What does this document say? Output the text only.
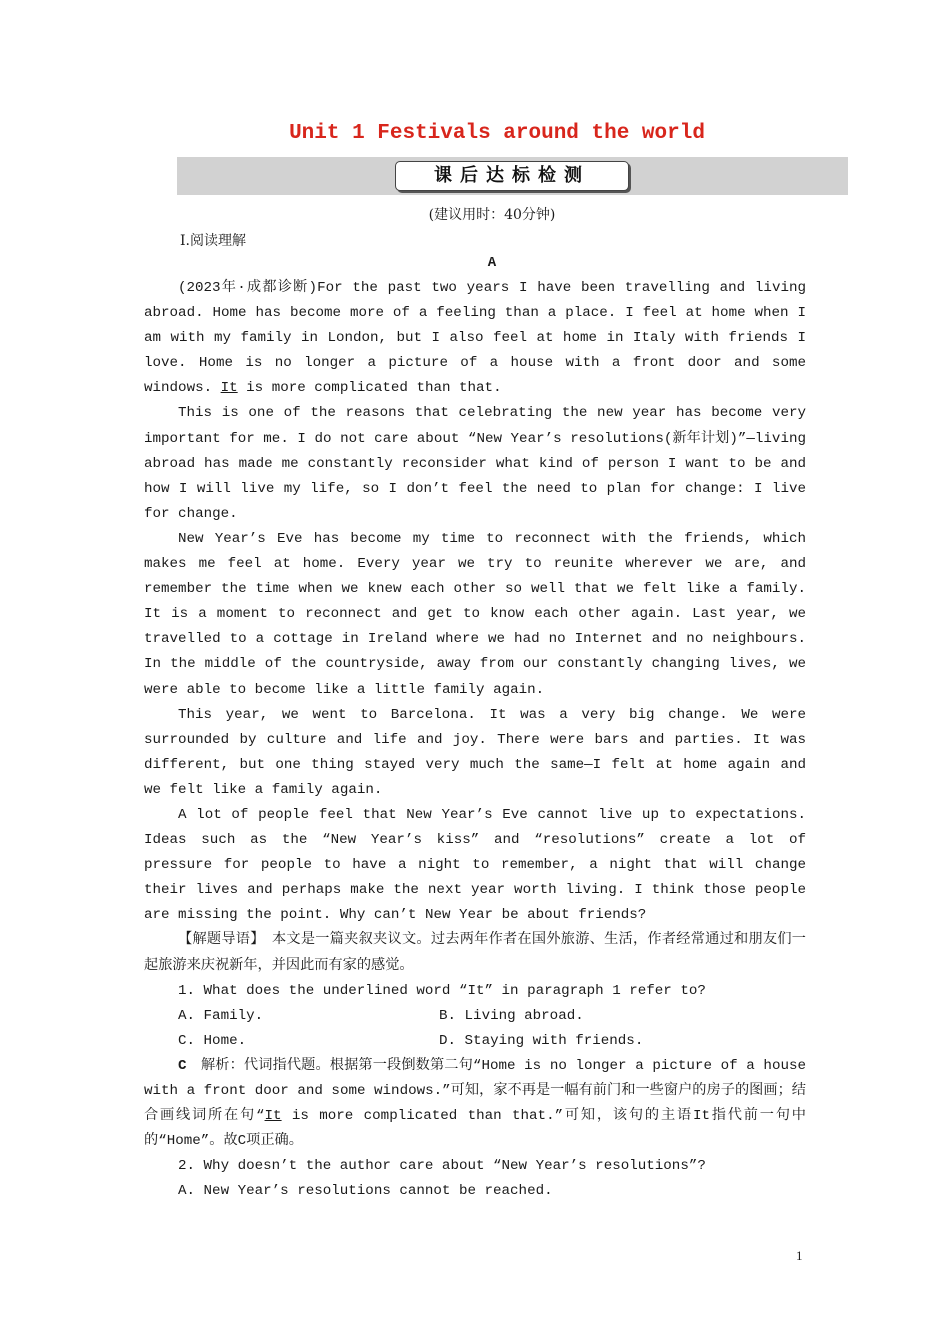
Unit 1 Festivals around the world
课后达标检测
(建议用时：40分钟)
Ⅰ.阅读理解
A

(2023年·成都诊断)For the past two years I have been travelling and living abroad. Home has become more of a feeling than a place. I feel at home when I am with my family in London, but I also feel at home in Italy with friends I love. Home is no longer a picture of a house with a front door and some windows. It is more complicated than that.

This is one of the reasons that celebrating the new year has become very important for me. I do not care about “New Year’s resolutions(新年计划)”—living abroad has made me constantly reconsider what kind of person I want to be and how I will live my life, so I don’t feel the need to plan for change: I live for change.

New Year’s Eve has become my time to reconnect with the friends, which makes me feel at home. Every year we try to reunite wherever we are, and remember the time when we knew each other so well that we felt like a family. It is a moment to reconnect and get to know each other again. Last year, we travelled to a cottage in Ireland where we had no Internet and no neighbours. In the middle of the countryside, away from our constantly changing lives, we were able to become like a little family again.

This year, we went to Barcelona. It was a very big change. We were surrounded by culture and life and joy. There were bars and parties. It was different, but one thing stayed very much the same—I felt at home again and we felt like a family again.

A lot of people feel that New Year’s Eve cannot live up to expectations. Ideas such as the “New Year’s kiss” and “resolutions” create a lot of pressure for people to have a night to remember, a night that will change their lives and perhaps make the next year worth living. I think those people are missing the point. Why can’t New Year be about friends?

【解题导语】　本文是一篇夹叙夹议文。过去两年作者在国外旅游、生活，作者经常通过和朋友们一起旅游来庆祝新年，并因此而有家的感觉。

1. What does the underlined word “It” in paragraph 1 refer to?

A. Family.	B. Living abroad.
C. Home.	D. Staying with friends.

C　解析：代词指代题。根据第一段倒数第二句“Home is no longer a picture of a house with a front door and some windows.”可知，家不再是一幅有前门和一些窗户的房子的图画；结合画线词所在句“It is more complicated than that.”可知，该句的主语It指代前一句中的“Home”。故C项正确。

2. Why doesn’t the author care about “New Year’s resolutions”?

A. New Year’s resolutions cannot be reached.

1
